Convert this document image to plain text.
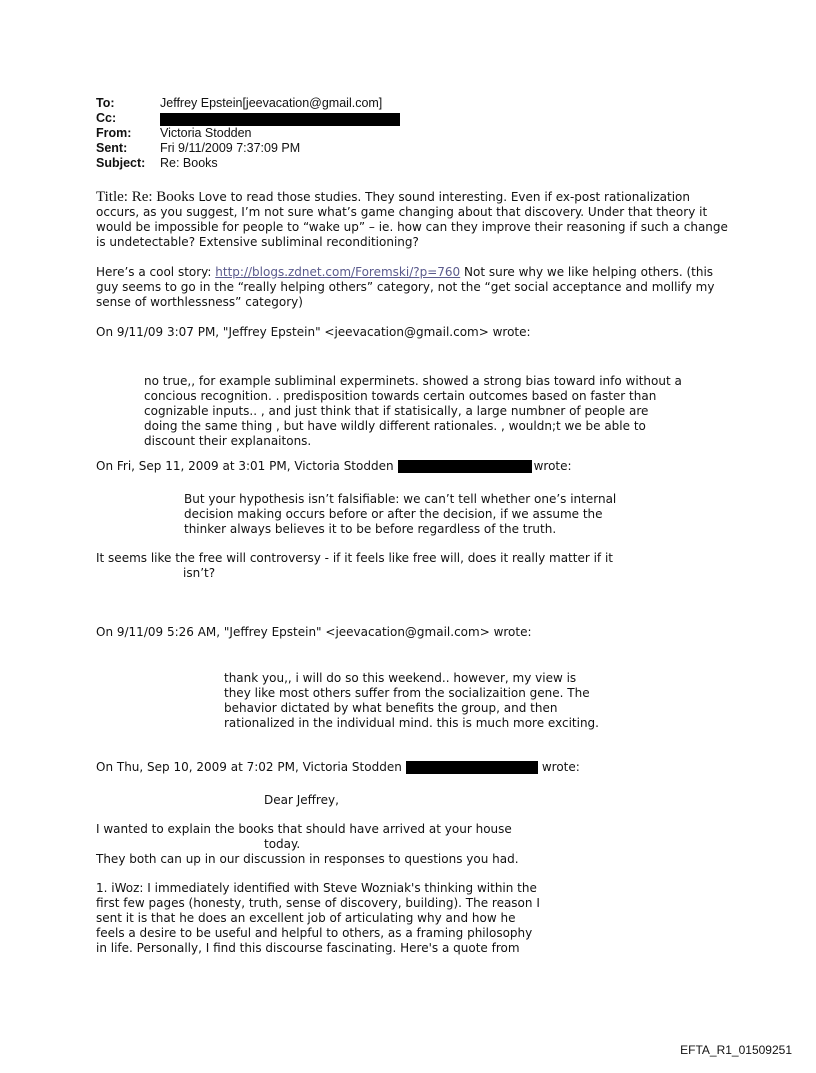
To:	Jeffrey Epstein[jeevacation@gmail.com]
Cc:
From:	Victoria Stodden
Sent:	Fri 9/11/2009 7:37:09 PM
Subject:	Re: Books

Title: Re: Books Love to read those studies. They sound interesting. Even if ex-post rationalization occurs, as you suggest, I’m not sure what’s game changing about that discovery. Under that theory it would be impossible for people to “wake up” – ie. how can they improve their reasoning if such a change is undetectable? Extensive subliminal reconditioning?

Here’s a cool story: http://blogs.zdnet.com/Foremski/?p=760 Not sure why we like helping others. (this guy seems to go in the “really helping others” category, not the “get social acceptance and mollify my sense of worthlessness” category)

On 9/11/09 3:07 PM, "Jeffrey Epstein" <jeevacation@gmail.com> wrote:

no true,, for example subliminal experminets. showed a strong bias toward info without a concious recognition. . predisposition towards certain outcomes based on faster than cognizable inputs.. , and just think that if statisically, a large numbner of people are doing the same thing , but have wildly different rationales. , wouldn;t we be able to discount their explanaitons.

On Fri, Sep 11, 2009 at 3:01 PM, Victoria Stodden	wrote:

But your hypothesis isn’t falsifiable: we can’t tell whether one’s internal decision making occurs before or after the decision, if we assume the thinker always believes it to be before regardless of the truth.

It seems like the free will controversy - if it feels like free will, does it really matter if it

isn’t?

On 9/11/09 5:26 AM, "Jeffrey Epstein" <jeevacation@gmail.com> wrote:

thank you,, i will do so this weekend.. however, my view is they like most others suffer from the socializaition gene. The behavior dictated by what benefits the group, and then rationalized in the individual mind. this is much more exciting.

On Thu, Sep 10, 2009 at 7:02 PM, Victoria Stodden	wrote:

Dear Jeffrey,

I wanted to explain the books that should have arrived at your house

today.

They both can up in our discussion in responses to questions you had.

1. iWoz: I immediately identified with Steve Wozniak's thinking within the
first few pages (honesty, truth, sense of discovery, building). The reason I
sent it is that he does an excellent job of articulating why and how he
feels a desire to be useful and helpful to others, as a framing philosophy
in life. Personally, I find this discourse fascinating. Here's a quote from

EFTA_R1_01509251
